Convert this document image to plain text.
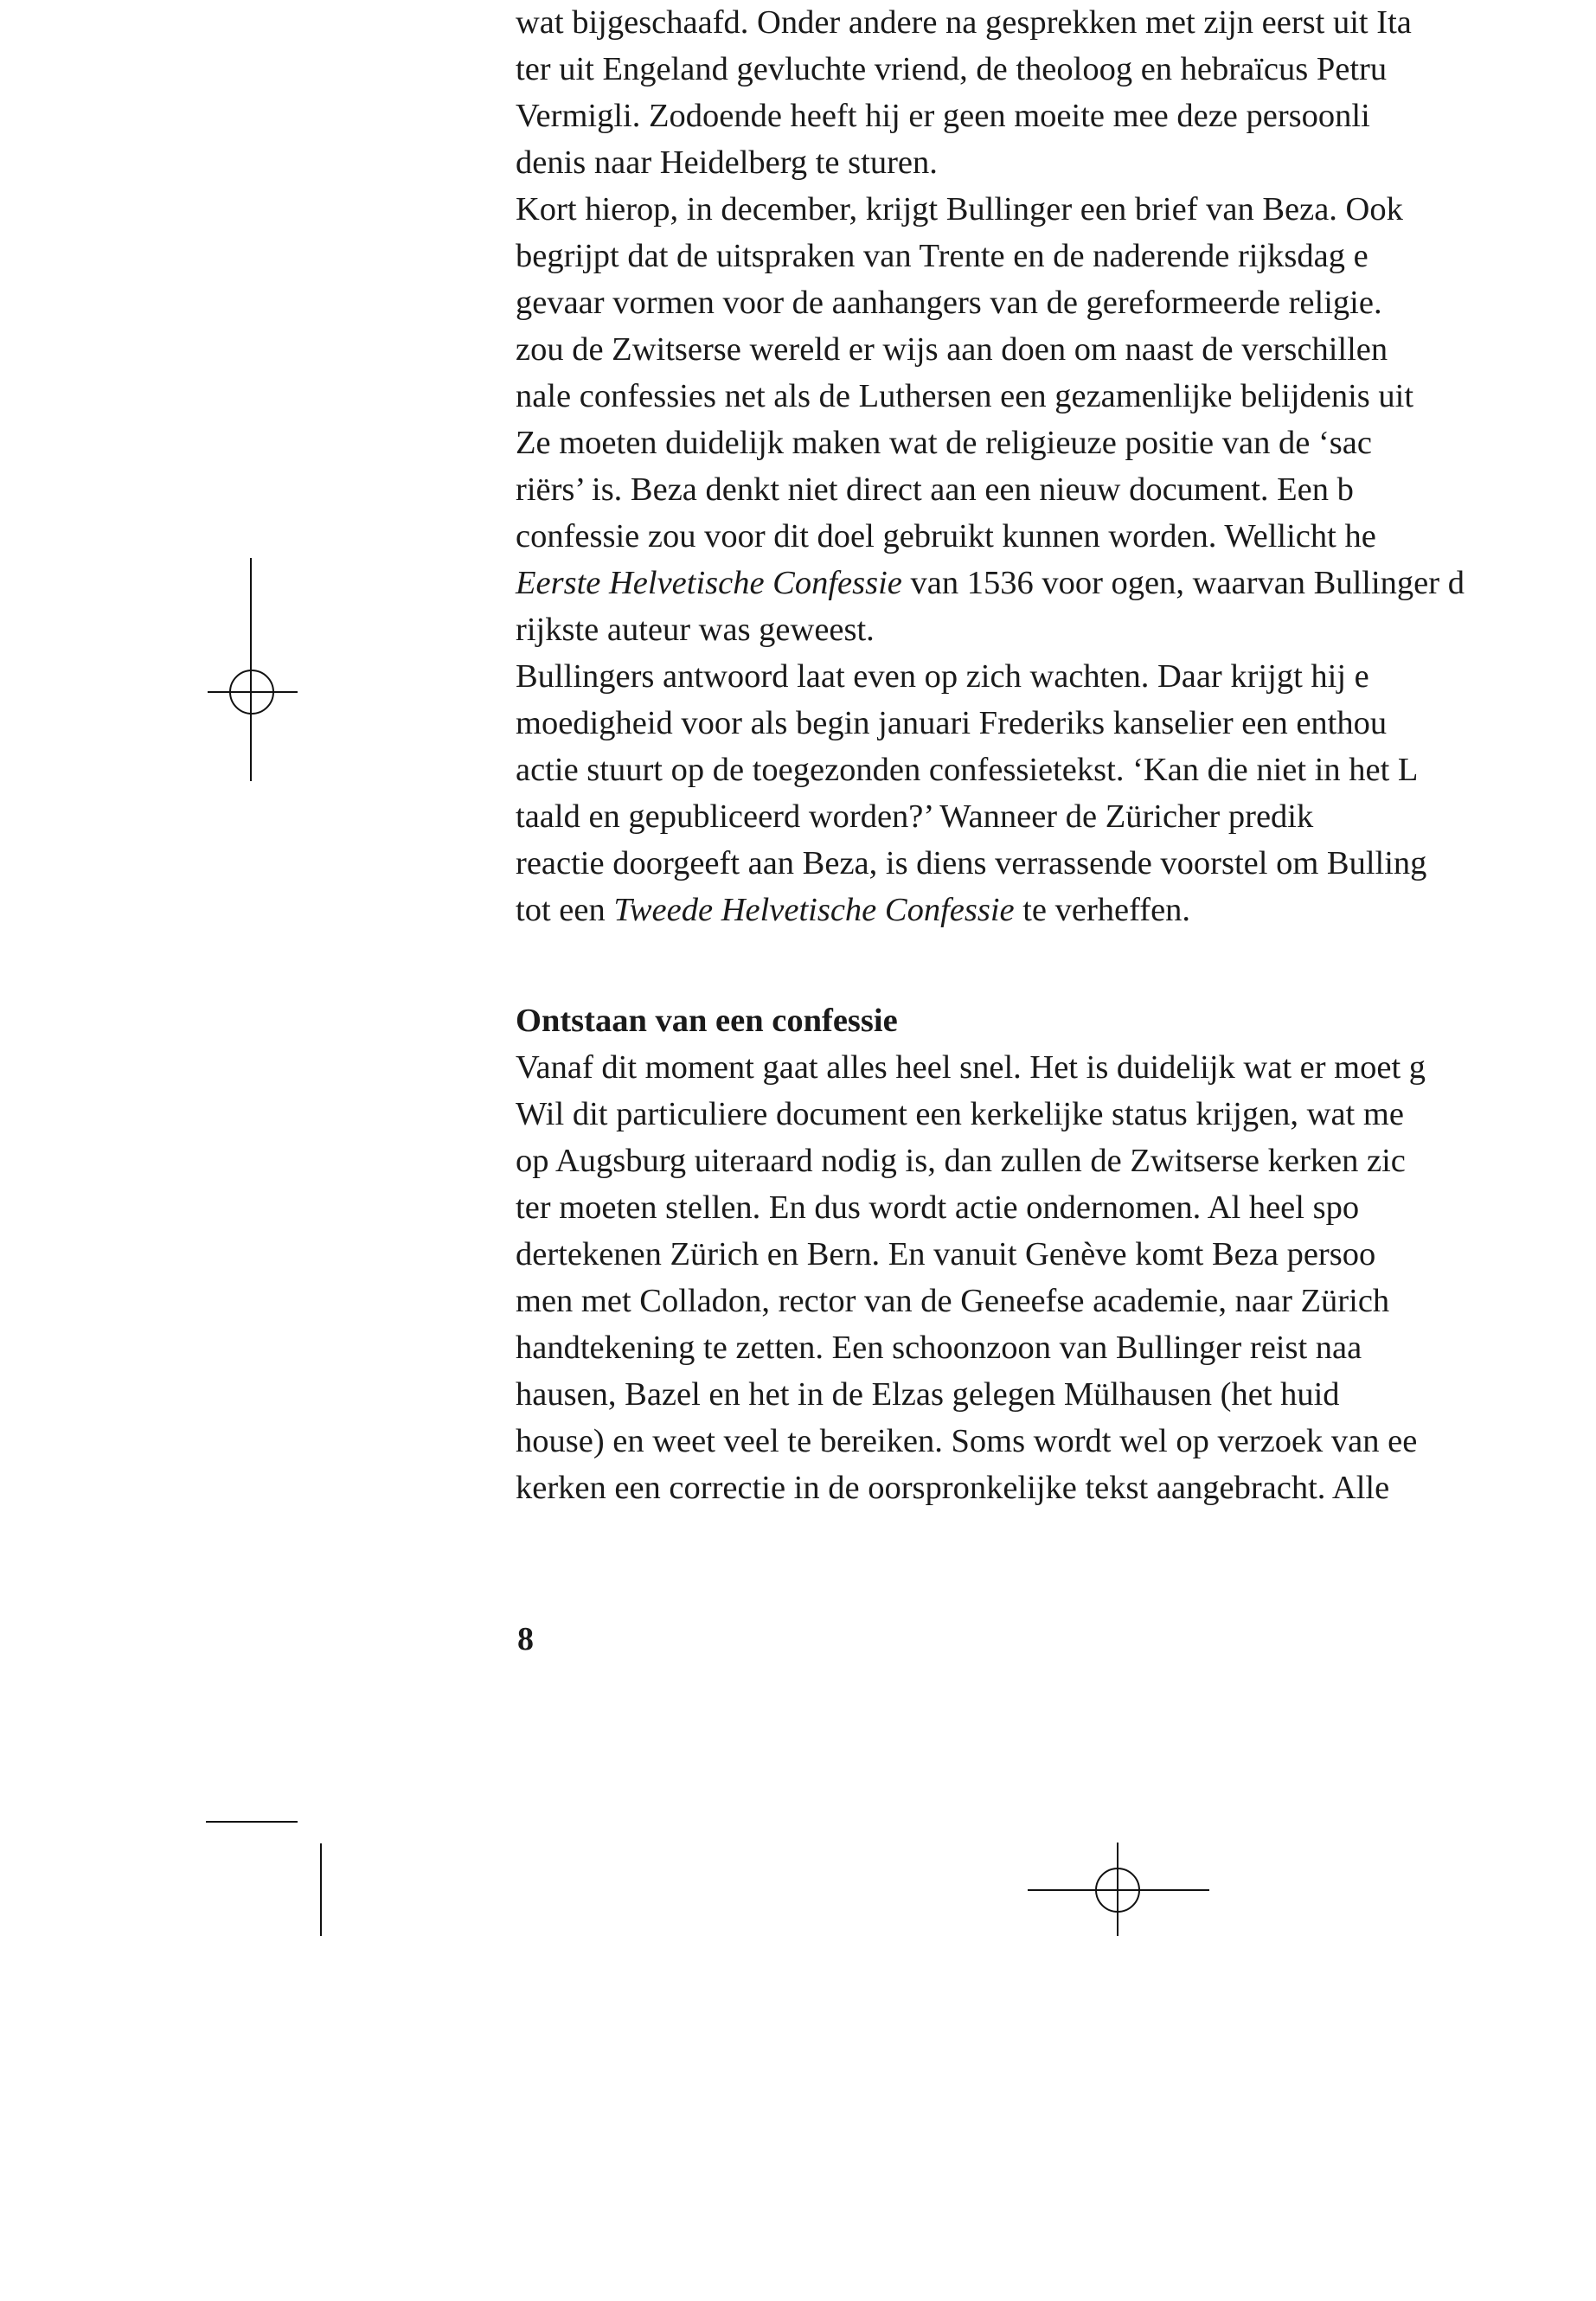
wat bijgeschaafd. Onder andere na gesprekken met zijn eerst uit Ita
ter uit Engeland gevluchte vriend, de theoloog en hebraïcus Petru
Vermigli. Zodoende heeft hij er geen moeite mee deze persoonli
denis naar Heidelberg te sturen.
Kort hierop, in december, krijgt Bullinger een brief van Beza. Ook
begrijpt dat de uitspraken van Trente en de naderende rijksdag e
gevaar vormen voor de aanhangers van de gereformeerde religie.
zou de Zwitserse wereld er wijs aan doen om naast de verschillen
nale confessies net als de Luthersen een gezamenlijke belijdenis uit
Ze moeten duidelijk maken wat de religieuze positie van de ‘sac
riërs’ is. Beza denkt niet direct aan een nieuw document. Een b
confessie zou voor dit doel gebruikt kunnen worden. Wellicht he
Eerste Helvetische Confessie van 1536 voor ogen, waarvan Bullinger d
rijkste auteur was geweest.
Bullingers antwoord laat even op zich wachten. Daar krijgt hij e
moedigheid voor als begin januari Frederiks kanselier een enthou
actie stuurt op de toegezonden confessietekst. ‘Kan die niet in het L
taald en gepubliceerd worden?’ Wanneer de Züricher predik
reactie doorgeeft aan Beza, is diens verrassende voorstel om Bulling
tot een Tweede Helvetische Confessie te verheffen.
Ontstaan van een confessie
Vanaf dit moment gaat alles heel snel. Het is duidelijk wat er moet g
Wil dit particuliere document een kerkelijke status krijgen, wat me
op Augsburg uiteraard nodig is, dan zullen de Zwitserse kerken zic
ter moeten stellen. En dus wordt actie ondernomen. Al heel spo
dertekenen Zürich en Bern. En vanuit Genève komt Beza persoo
men met Colladon, rector van de Geneefse academie, naar Zürich
handtekening te zetten. Een schoonzoon van Bullinger reist naa
hausen, Bazel en het in de Elzas gelegen Mülhausen (het huid
house) en weet veel te bereiken. Soms wordt wel op verzoek van ee
kerken een correctie in de oorspronkelijke tekst aangebracht. Alle
8
